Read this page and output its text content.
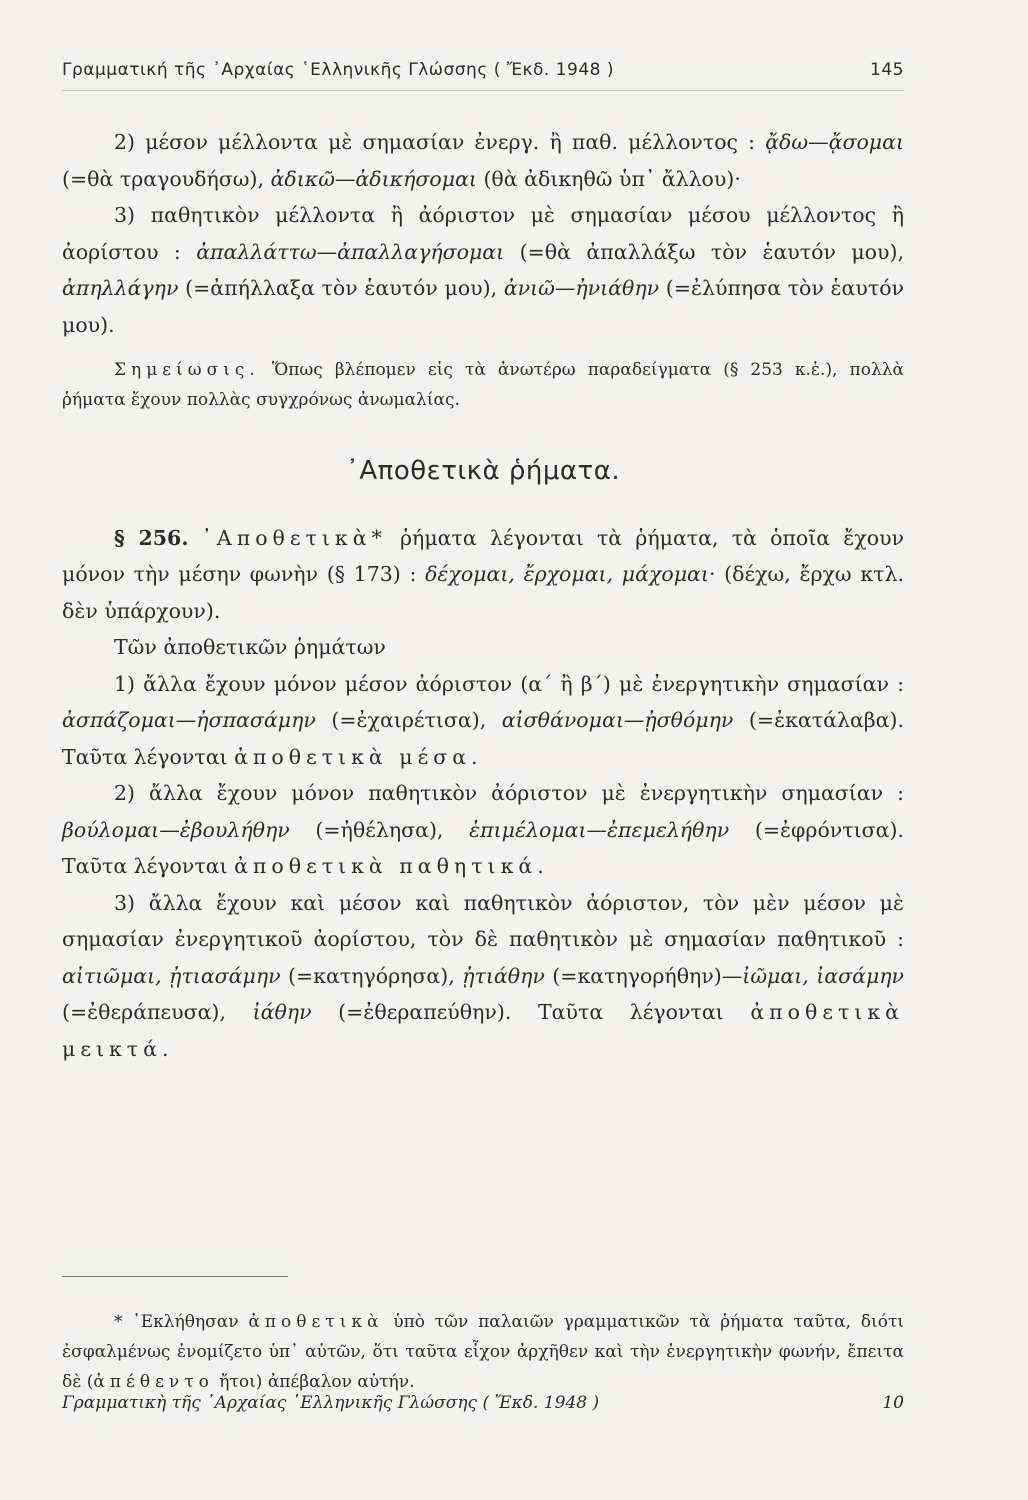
Γραμματική τῆς ᾿Αρχαίας ῾Ελληνικῆς Γλώσσης ( Ἔκδ. 1948 )	145

2) μέσον μέλλοντα μὲ σημασίαν ἐνεργ. ἢ παθ. μέλλοντος : ᾄδω—ᾄσομαι (=θὰ τραγουδήσω), ἀδικῶ—ἀδικήσομαι (θὰ ἀδικηθῶ ὑπ᾿ ἄλλου)·

3) παθητικὸν μέλλοντα ἢ ἀόριστον μὲ σημασίαν μέσου μέλλοντος ἢ ἀορίστου : ἀπαλλάττω—ἀπαλλαγήσομαι (=θὰ ἀπαλλάξω τὸν ἑαυτόν μου), ἀπηλλάγην (=ἀπήλλαξα τὸν ἑαυτόν μου), ἀνιῶ—ἠνιάθην (=ἐλύπησα τὸν ἑαυτόν μου).

Σημείωσις. Ὅπως βλέπομεν εἰς τὰ ἀνωτέρω παραδείγματα (§ 253 κ.ἑ.), πολλὰ ῥήματα ἔχουν πολλὰς συγχρόνως ἀνωμαλίας.

᾿Αποθετικὰ ῥήματα.

§ 256. ᾿Αποθετικὰ* ῥήματα λέγονται τὰ ῥήματα, τὰ ὁποῖα ἔχουν μόνον τὴν μέσην φωνὴν (§ 173) : δέχομαι, ἔρχομαι, μάχομαι· (δέχω, ἔρχω κτλ. δὲν ὑπάρχουν).

Τῶν ἀποθετικῶν ῥημάτων

1) ἄλλα ἔχουν μόνον μέσον ἀόριστον (α΄ ἢ β΄) μὲ ἐνεργητικὴν σημασίαν : ἀσπάζομαι—ἠσπασάμην (=ἐχαιρέτισα), αἰσθάνομαι—ᾐσθόμην (=ἐκατάλαβα). Ταῦτα λέγονται ἀποθετικὰ μέσα.

2) ἄλλα ἔχουν μόνον παθητικὸν ἀόριστον μὲ ἐνεργητικὴν σημασίαν : βούλομαι—ἐβουλήθην (=ἠθέλησα), ἐπιμέλομαι—ἐπεμελήθην (=ἐφρόντισα). Ταῦτα λέγονται ἀποθετικὰ παθητικά.

3) ἄλλα ἔχουν καὶ μέσον καὶ παθητικὸν ἀόριστον, τὸν μὲν μέσον μὲ σημασίαν ἐνεργητικοῦ ἀορίστου, τὸν δὲ παθητικὸν μὲ σημασίαν παθητικοῦ : αἰτιῶμαι, ᾐτιασάμην (=κατηγόρησα), ᾐτιάθην (=κατηγορήθην)—ἰῶμαι, ἰασάμην (=ἐθεράπευσα), ἰάθην (=ἐθεραπεύθην). Ταῦτα λέγονται ἀποθετικὰ μεικτά.

* ᾿Εκλήθησαν ἀποθετικὰ ὑπὸ τῶν παλαιῶν γραμματικῶν τὰ ῥήματα ταῦτα, διότι ἐσφαλμένως ἐνομίζετο ὑπ᾿ αὐτῶν, ὅτι ταῦτα εἶχον ἀρχῆθεν καὶ τὴν ἐνεργητικὴν φωνήν, ἔπειτα δὲ (ἀπέθεντο ἤτοι) ἀπέβαλον αὐτήν.

Γραμματικὴ τῆς ᾿Αρχαίας ῾Ελληνικῆς Γλώσσης ( Ἔκδ. 1948 )	10
